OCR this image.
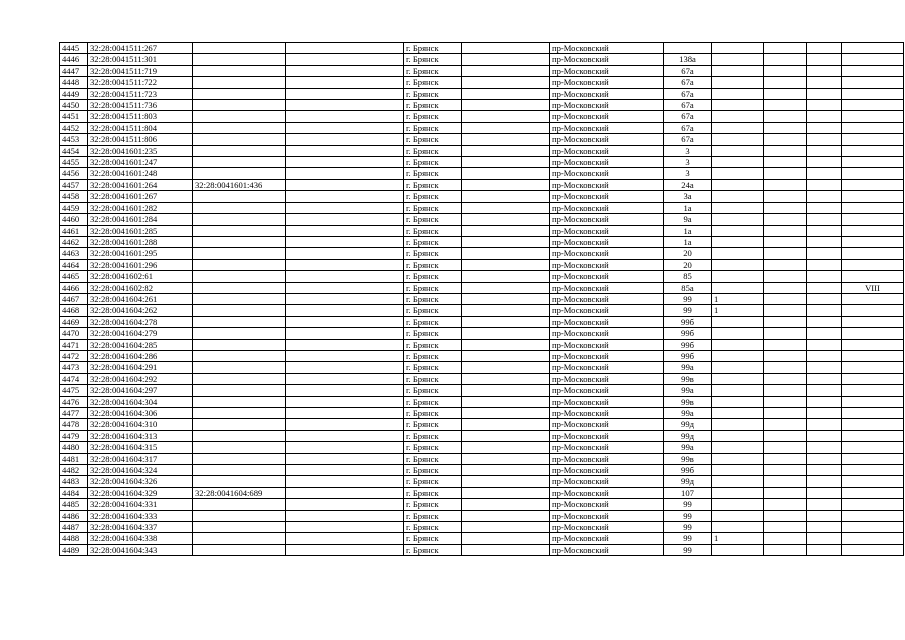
4445	32:28:0041511:267			г. Брянск		пр-Московский					
4446	32:28:0041511:301			г. Брянск		пр-Московский	138а				
4447	32:28:0041511:719			г. Брянск		пр-Московский	67а				
4448	32:28:0041511:722			г. Брянск		пр-Московский	67а				
4449	32:28:0041511:723			г. Брянск		пр-Московский	67а				
4450	32:28:0041511:736			г. Брянск		пр-Московский	67а				
4451	32:28:0041511:803			г. Брянск		пр-Московский	67а				
4452	32:28:0041511:804			г. Брянск		пр-Московский	67а				
4453	32:28:0041511:806			г. Брянск		пр-Московский	67а				
4454	32:28:0041601:235			г. Брянск		пр-Московский	3				
4455	32:28:0041601:247			г. Брянск		пр-Московский	3				
4456	32:28:0041601:248			г. Брянск		пр-Московский	3				
4457	32:28:0041601:264	32:28:0041601:436		г. Брянск		пр-Московский	24а				
4458	32:28:0041601:267			г. Брянск		пр-Московский	3а				
4459	32:28:0041601:282			г. Брянск		пр-Московский	1а				
4460	32:28:0041601:284			г. Брянск		пр-Московский	9а				
4461	32:28:0041601:285			г. Брянск		пр-Московский	1а				
4462	32:28:0041601:288			г. Брянск		пр-Московский	1а				
4463	32:28:0041601:295			г. Брянск		пр-Московский	20				
4464	32:28:0041601:296			г. Брянск		пр-Московский	20				
4465	32:28:0041602:61			г. Брянск		пр-Московский	85				
4466	32:28:0041602:82			г. Брянск		пр-Московский	85а				VIII
4467	32:28:0041604:261			г. Брянск		пр-Московский	99	1			
4468	32:28:0041604:262			г. Брянск		пр-Московский	99	1			
4469	32:28:0041604:278			г. Брянск		пр-Московский	99б				
4470	32:28:0041604:279			г. Брянск		пр-Московский	99б				
4471	32:28:0041604:285			г. Брянск		пр-Московский	99б				
4472	32:28:0041604:286			г. Брянск		пр-Московский	99б				
4473	32:28:0041604:291			г. Брянск		пр-Московский	99а				
4474	32:28:0041604:292			г. Брянск		пр-Московский	99в				
4475	32:28:0041604:297			г. Брянск		пр-Московский	99а				
4476	32:28:0041604:304			г. Брянск		пр-Московский	99в				
4477	32:28:0041604:306			г. Брянск		пр-Московский	99а				
4478	32:28:0041604:310			г. Брянск		пр-Московский	99д				
4479	32:28:0041604:313			г. Брянск		пр-Московский	99д				
4480	32:28:0041604:315			г. Брянск		пр-Московский	99а				
4481	32:28:0041604:317			г. Брянск		пр-Московский	99в				
4482	32:28:0041604:324			г. Брянск		пр-Московский	99б				
4483	32:28:0041604:326			г. Брянск		пр-Московский	99д				
4484	32:28:0041604:329	32:28:0041604:689		г. Брянск		пр-Московский	107				
4485	32:28:0041604:331			г. Брянск		пр-Московский	99				
4486	32:28:0041604:333			г. Брянск		пр-Московский	99				
4487	32:28:0041604:337			г. Брянск		пр-Московский	99				
4488	32:28:0041604:338			г. Брянск		пр-Московский	99	1			
4489	32:28:0041604:343			г. Брянск		пр-Московский	99				
